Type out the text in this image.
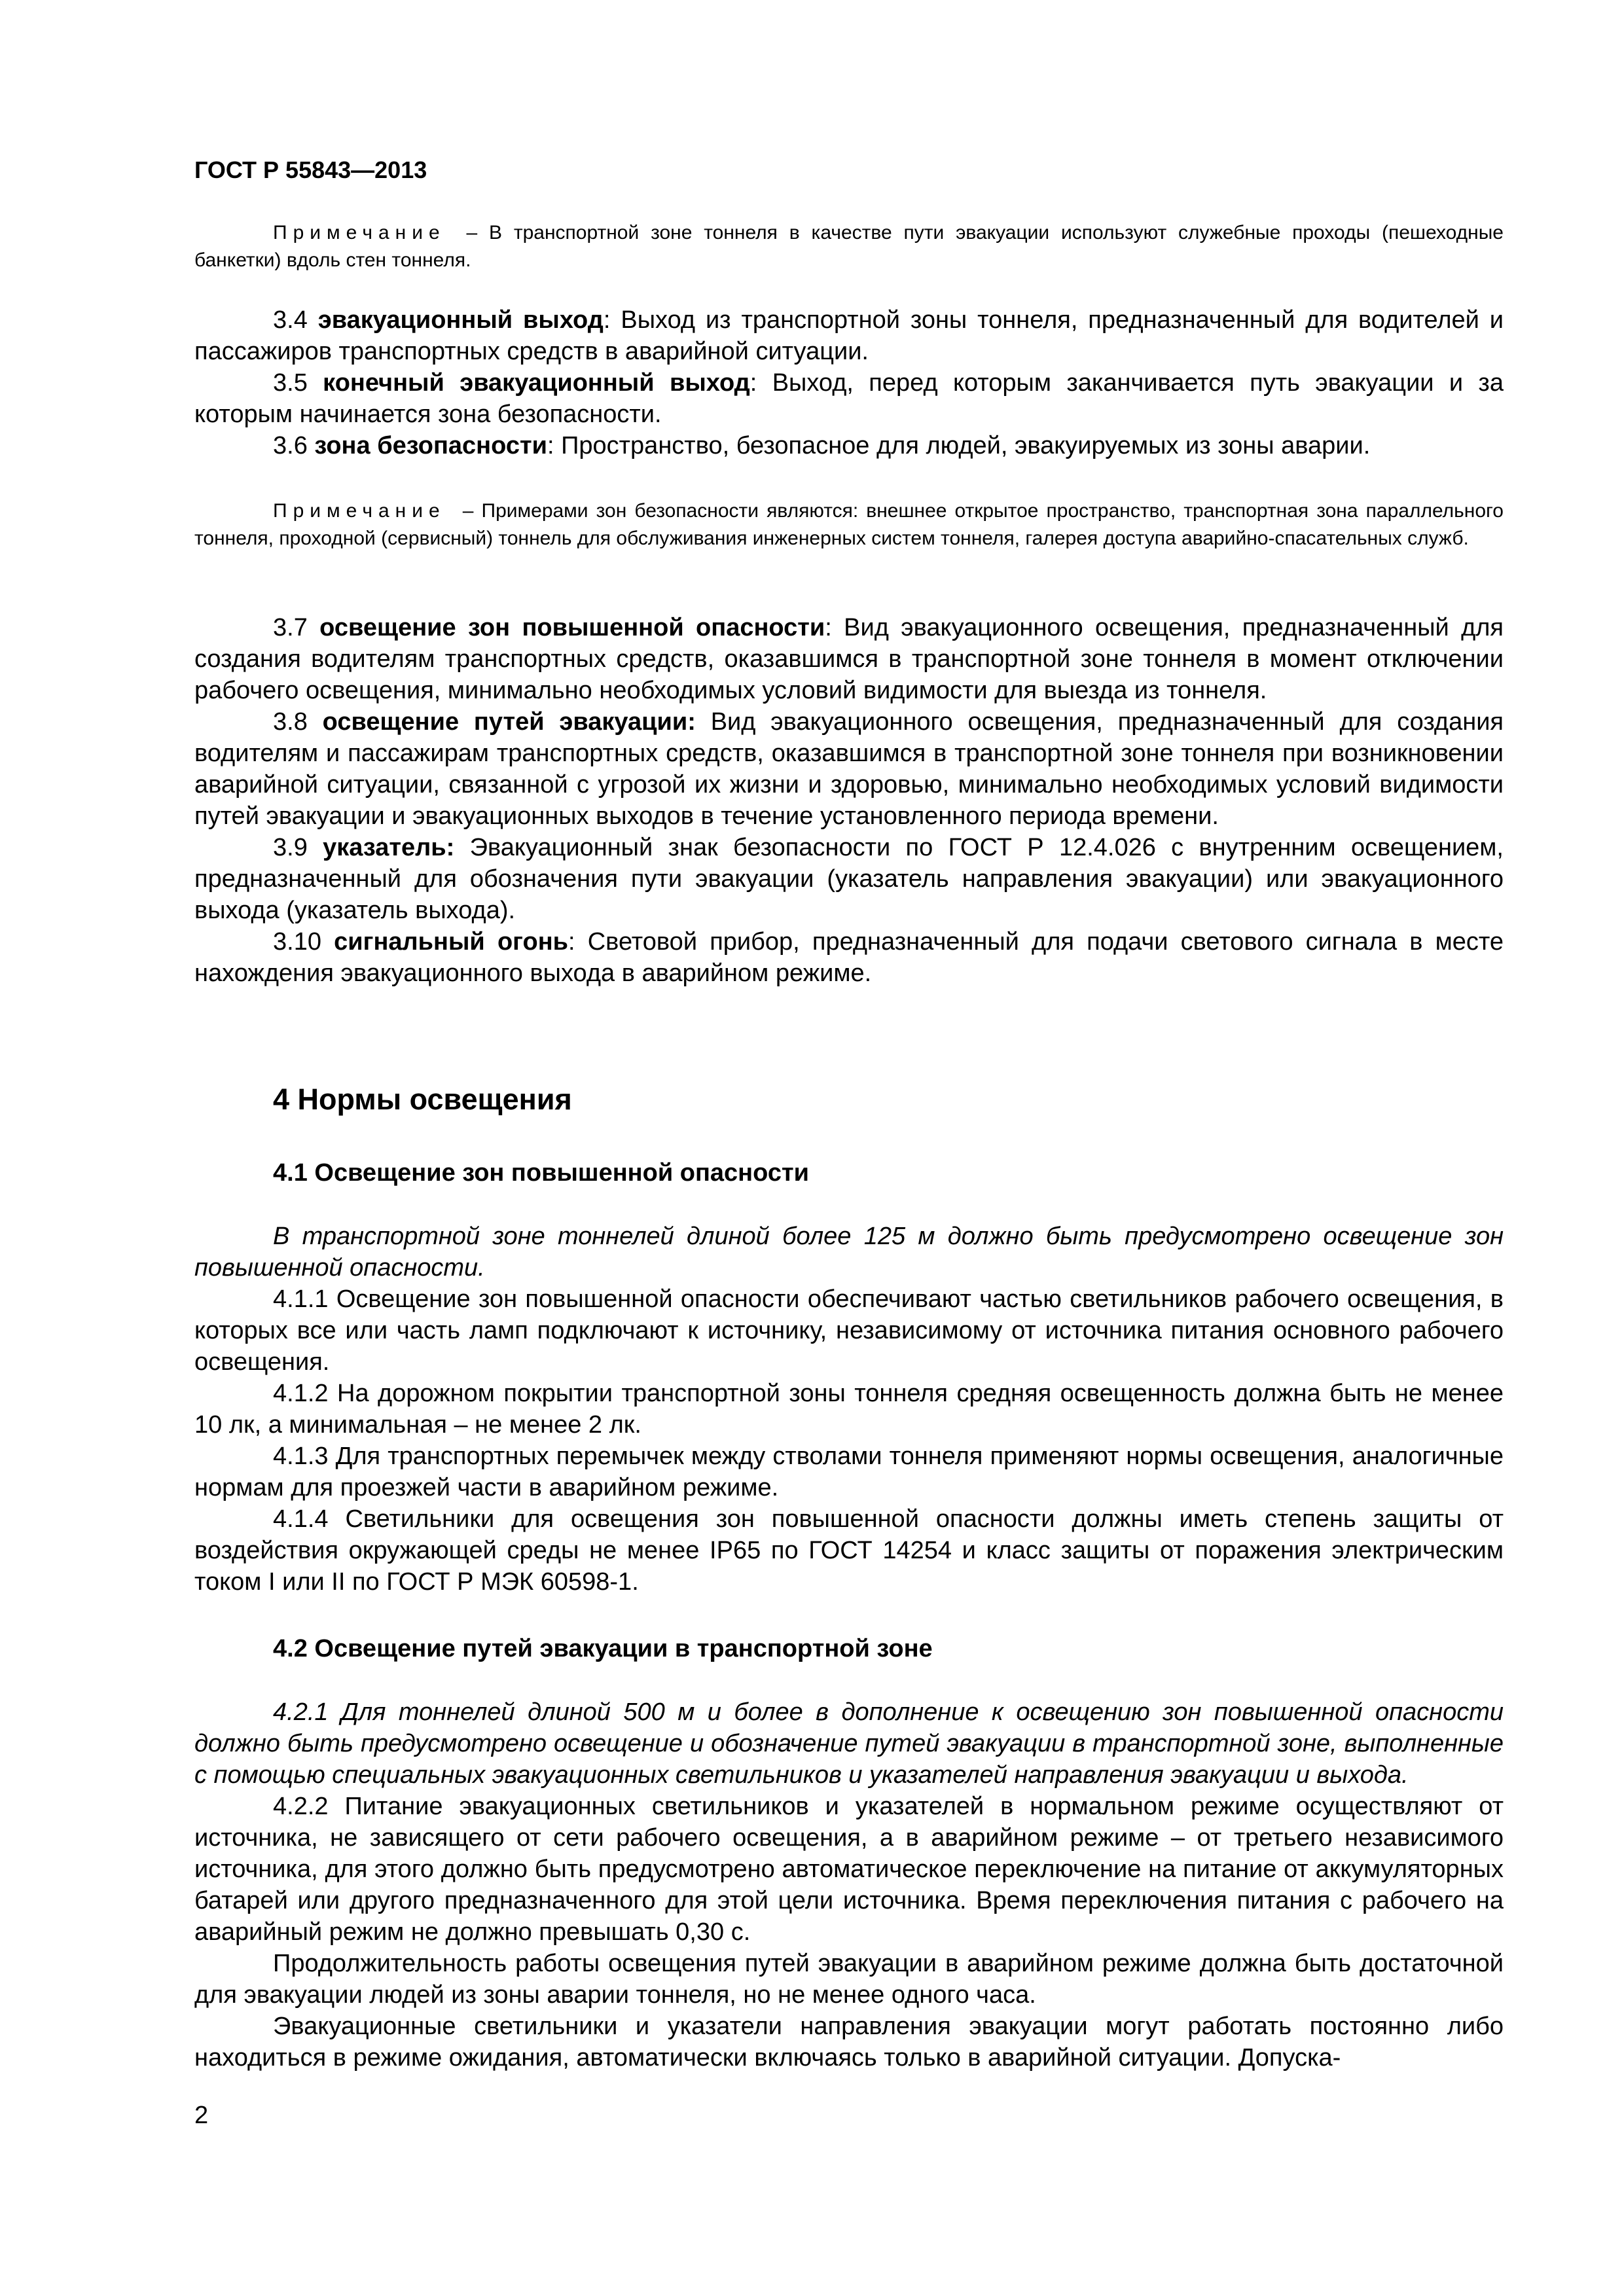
ГОСТ Р 55843—2013

Примечание – В транспортной зоне тоннеля в качестве пути эвакуации используют служебные проходы (пешеходные банкетки) вдоль стен тоннеля.

3.4 эвакуационный выход: Выход из транспортной зоны тоннеля, предназначенный для водителей и пассажиров транспортных средств в аварийной ситуации.

3.5 конечный эвакуационный выход: Выход, перед которым заканчивается путь эвакуации и за которым начинается зона безопасности.

3.6 зона безопасности: Пространство, безопасное для людей, эвакуируемых из зоны аварии.

Примечание – Примерами зон безопасности являются: внешнее открытое пространство, транспортная зона параллельного тоннеля, проходной (сервисный) тоннель для обслуживания инженерных систем тоннеля, галерея доступа аварийно-спасательных служб.

3.7 освещение зон повышенной опасности: Вид эвакуационного освещения, предназначенный для создания водителям транспортных средств, оказавшимся в транспортной зоне тоннеля в момент отключении рабочего освещения, минимально необходимых условий видимости для выезда из тоннеля.

3.8 освещение путей эвакуации: Вид эвакуационного освещения, предназначенный для создания водителям и пассажирам транспортных средств, оказавшимся в транспортной зоне тоннеля при возникновении аварийной ситуации, связанной с угрозой их жизни и здоровью, минимально необходимых условий видимости путей эвакуации и эвакуационных выходов в течение установленного периода времени.

3.9 указатель: Эвакуационный знак безопасности по ГОСТ Р 12.4.026 с внутренним освещением, предназначенный для обозначения пути эвакуации (указатель направления эвакуации) или эвакуационного выхода (указатель выхода).

3.10 сигнальный огонь: Световой прибор, предназначенный для подачи светового сигнала в месте нахождения эвакуационного выхода в аварийном режиме.

4 Нормы освещения
4.1 Освещение зон повышенной опасности

В транспортной зоне тоннелей длиной более 125 м должно быть предусмотрено освещение зон повышенной опасности.

4.1.1 Освещение зон повышенной опасности обеспечивают частью светильников рабочего освещения, в которых все или часть ламп подключают к источнику, независимому от источника питания основного рабочего освещения.

4.1.2 На дорожном покрытии транспортной зоны тоннеля средняя освещенность должна быть не менее 10 лк, а минимальная – не менее 2 лк.

4.1.3 Для транспортных перемычек между стволами тоннеля применяют нормы освещения, аналогичные нормам для проезжей части в аварийном режиме.

4.1.4 Светильники для освещения зон повышенной опасности должны иметь степень защиты от воздействия окружающей среды не менее IP65 по ГОСТ 14254 и класс защиты от поражения электрическим током I или II по ГОСТ Р МЭК 60598-1.

4.2 Освещение путей эвакуации в транспортной зоне

4.2.1 Для тоннелей длиной 500 м и более в дополнение к освещению зон повышенной опасности должно быть предусмотрено освещение и обозначение путей эвакуации в транспортной зоне, выполненные с помощью специальных эвакуационных светильников и указателей направления эвакуации и выхода.

4.2.2 Питание эвакуационных светильников и указателей в нормальном режиме осуществляют от источника, не зависящего от сети рабочего освещения, а в аварийном режиме – от третьего независимого источника, для этого должно быть предусмотрено автоматическое переключение на питание от аккумуляторных батарей или другого предназначенного для этой цели источника. Время переключения питания с рабочего на аварийный режим не должно превышать 0,30 с.

Продолжительность работы освещения путей эвакуации в аварийном режиме должна быть достаточной для эвакуации людей из зоны аварии тоннеля, но не менее одного часа.

Эвакуационные светильники и указатели направления эвакуации могут работать постоянно либо находиться в режиме ожидания, автоматически включаясь только в аварийной ситуации. Допуска-

2
